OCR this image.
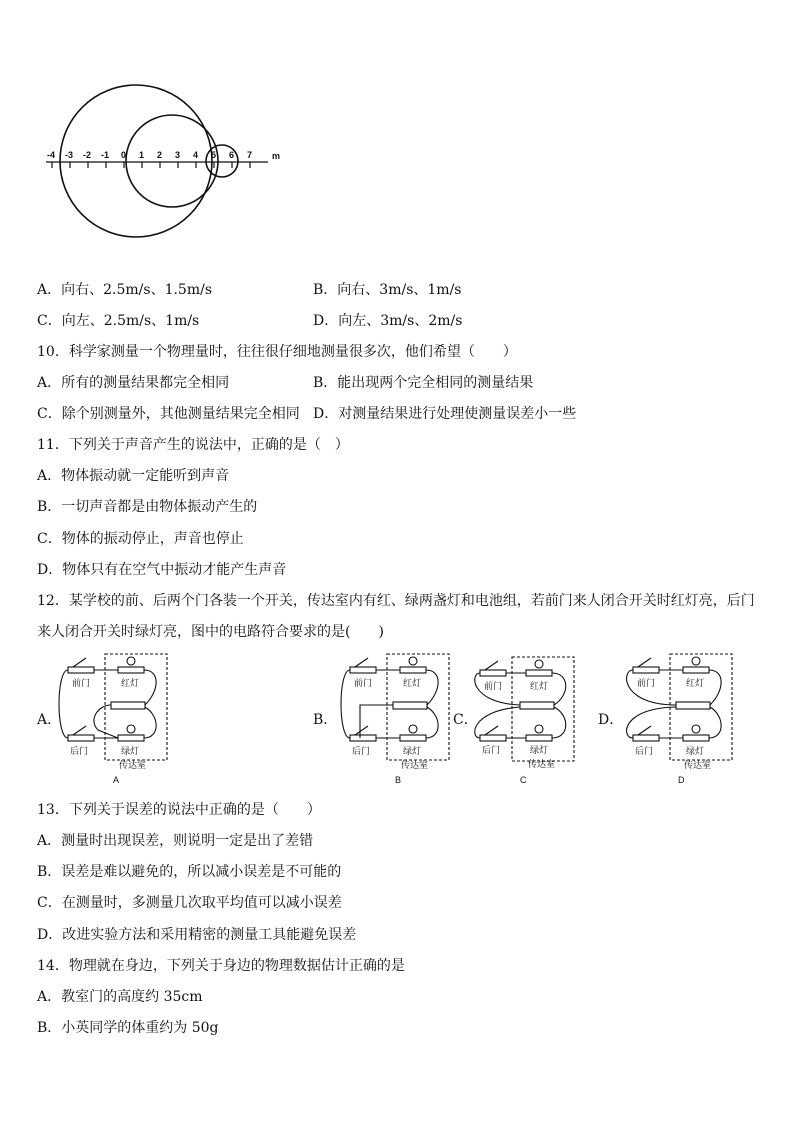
-4 -3 -2 -1 0 1 2 3 4 5 6 7 m
A．向右、2.5m/s、1.5m/s	B．向右、3m/s、1m/s
C．向左、2.5m/s、1m/s	D．向左、3m/s、2m/s
10．科学家测量一个物理量时，往往很仔细地测量很多次，他们希望（　　）
A．所有的测量结果都完全相同	B．能出现两个完全相同的测量结果
C．除个别测量外，其他测量结果完全相同 D．对测量结果进行处理使测量误差小一些
11．下列关于声音产生的说法中，正确的是（　）
A．物体振动就一定能听到声音
B．一切声音都是由物体振动产生的
C．物体的振动停止，声音也停止
D．物体只有在空气中振动才能产生声音
12．某学校的前、后两个门各装一个开关，传达室内有红、绿两盏灯和电池组，若前门来人闭合开关时红灯亮，后门
来人闭合开关时绿灯亮，图中的电路符合要求的是(　　)
A．	B．	C．	D．
前门	红灯
后门	绿灯
传达室
A
前门	红灯
后门	绿灯
传达室
B
前门	红灯
后门	绿灯
传达室
C
前门	红灯
后门	绿灯
传达室
D
13．下列关于误差的说法中正确的是（　　）
A．测量时出现误差，则说明一定是出了差错
B．误差是难以避免的，所以减小误差是不可能的
C．在测量时，多测量几次取平均值可以减小误差
D．改进实验方法和采用精密的测量工具能避免误差
14．物理就在身边，下列关于身边的物理数据估计正确的是
A．教室门的高度约 35cm
B．小英同学的体重约为 50g
